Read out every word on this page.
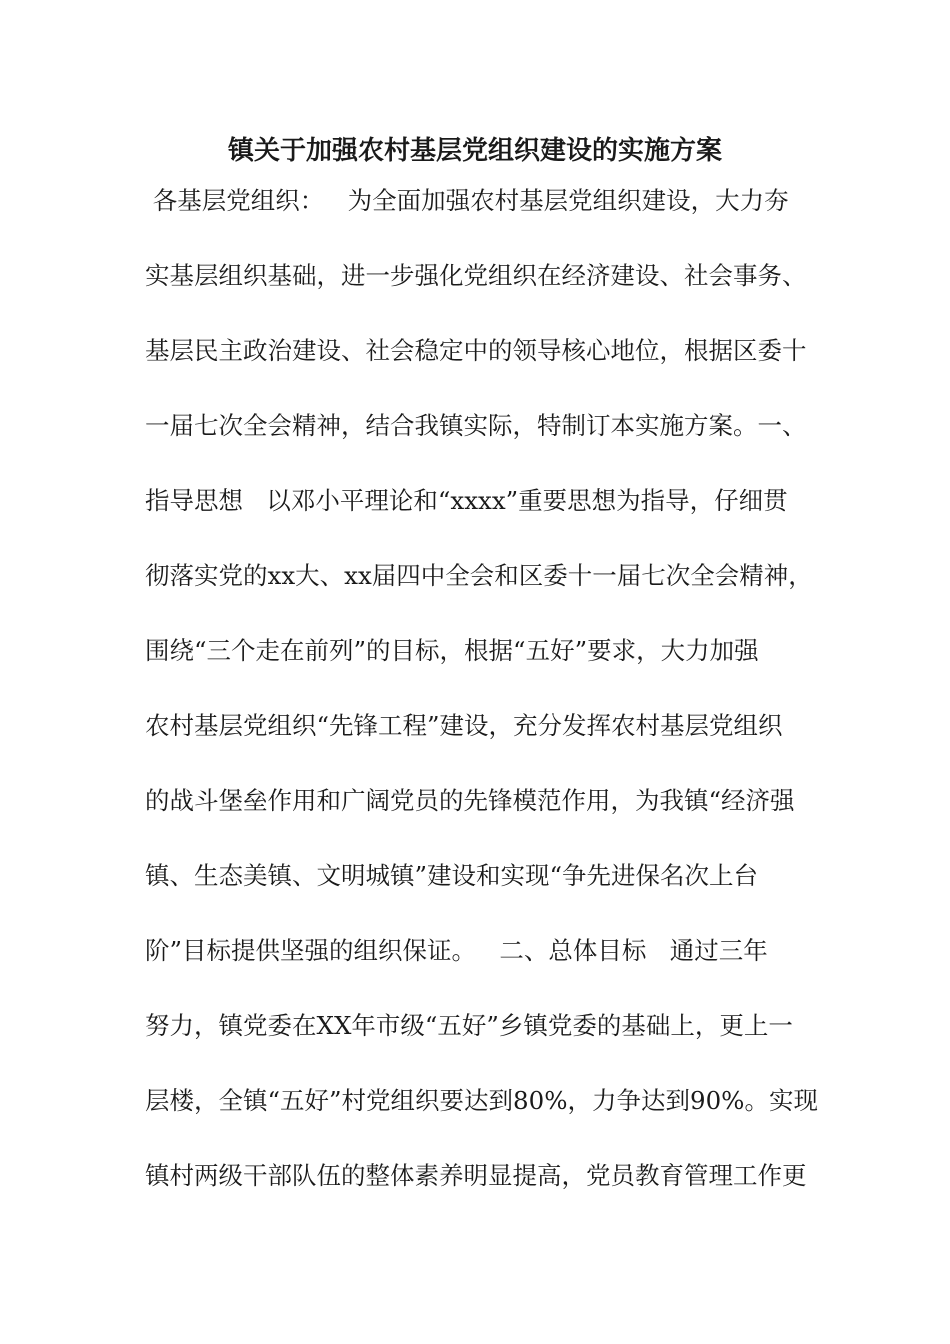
镇关于加强农村基层党组织建设的实施方案
各基层党组织：   为全面加强农村基层党组织建设，大力夯
实基层组织基础，进一步强化党组织在经济建设、社会事务、
基层民主政治建设、社会稳定中的领导核心地位，根据区委十
一届七次全会精神，结合我镇实际，特制订本实施方案。一、
指导思想   以邓小平理论和“xxxx”重要思想为指导，仔细贯
彻落实党的xx大、xx届四中全会和区委十一届七次全会精神，
围绕“三个走在前列”的目标，根据“五好”要求，大力加强
农村基层党组织“先锋工程”建设，充分发挥农村基层党组织
的战斗堡垒作用和广阔党员的先锋模范作用，为我镇“经济强
镇、生态美镇、文明城镇”建设和实现“争先进保名次上台
阶”目标提供坚强的组织保证。   二、总体目标   通过三年
努力，镇党委在XX年市级“五好”乡镇党委的基础上，更上一
层楼，全镇“五好”村党组织要达到80%，力争达到90%。实现
镇村两级干部队伍的整体素养明显提高，党员教育管理工作更
